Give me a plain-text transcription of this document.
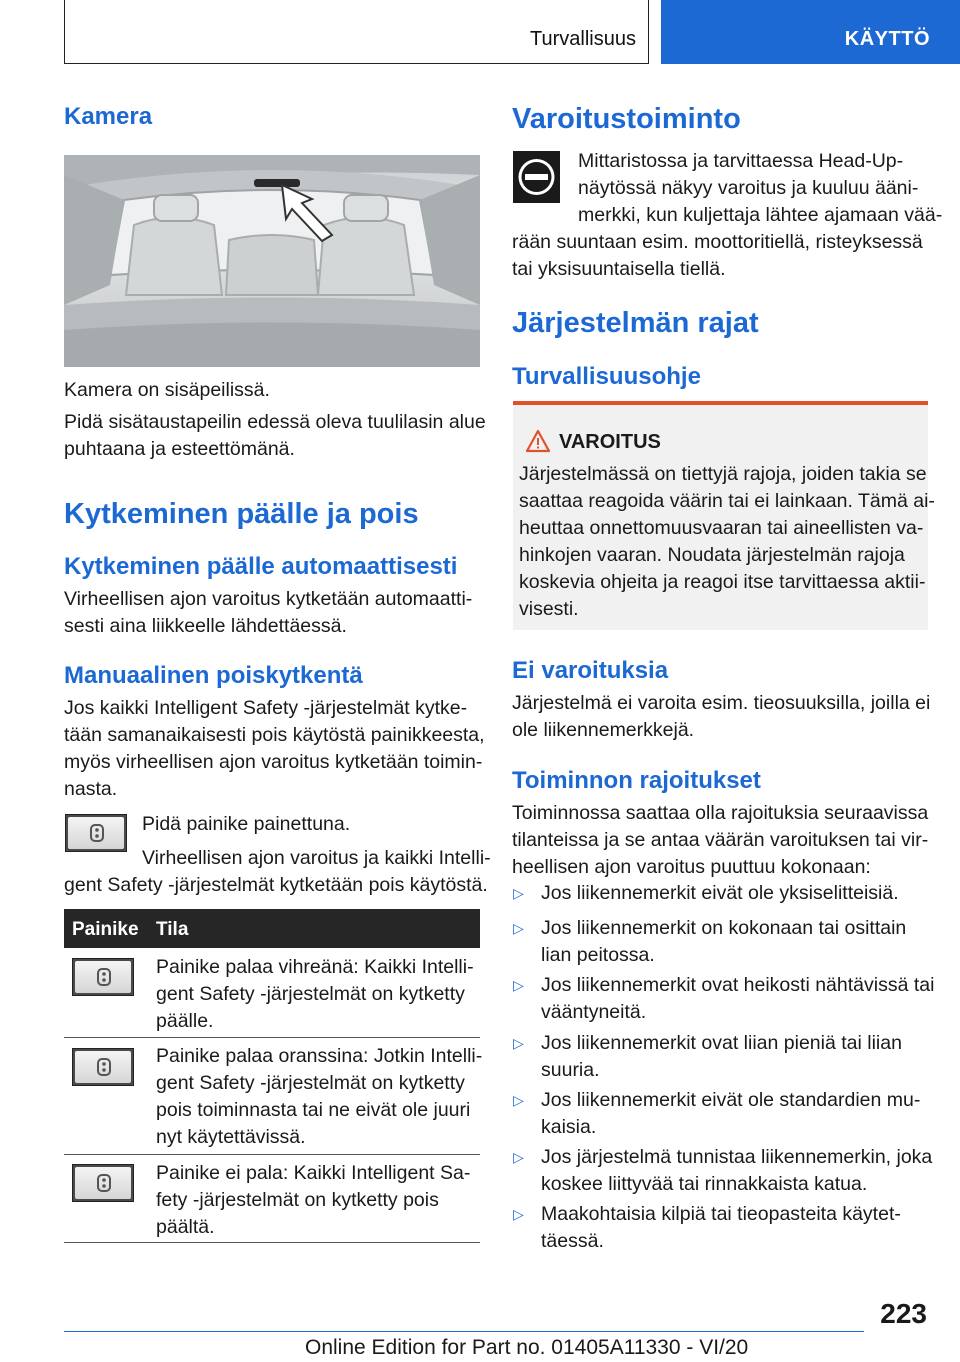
Turvallisuus	KÄYTTÖ
Kamera

Kamera on sisäpeilissä.

Pidä sisätaustapeilin edessä oleva tuulilasin alue
puhtaana ja esteettömänä.

Kytkeminen päälle ja pois
Kytkeminen päälle automaattisesti

Virheellisen ajon varoitus kytketään automaatti-
sesti aina liikkeelle lähdettäessä.

Manuaalinen poiskytkentä

Jos kaikki Intelligent Safety -järjestelmät kytke-
tään samanaikaisesti pois käytöstä painikkeesta,
myös virheellisen ajon varoitus kytketään toimin-
nasta.

Pidä painike painettuna.

Virheellisen ajon varoitus ja kaikki Intelli-
gent Safety -järjestelmät kytketään pois käytöstä.

Painike Tila

Painike palaa vihreänä: Kaikki Intelli-
gent Safety -järjestelmät on kytketty
päälle.

Painike palaa oranssina: Jotkin Intelli-
gent Safety -järjestelmät on kytketty
pois toiminnasta tai ne eivät ole juuri
nyt käytettävissä.

Painike ei pala: Kaikki Intelligent Sa-
fety -järjestelmät on kytketty pois
päältä.

Varoitustoiminto

Mittaristossa ja tarvittaessa Head-Up-
näytössä näkyy varoitus ja kuuluu ääni-
merkki, kun kuljettaja lähtee ajamaan vää-

rään suuntaan esim. moottoritiellä, risteyksessä
tai yksisuuntaisella tiellä.

Järjestelmän rajat
Turvallisuusohje
VAROITUS

Järjestelmässä on tiettyjä rajoja, joiden takia se
saattaa reagoida väärin tai ei lainkaan. Tämä ai-
heuttaa onnettomuusvaaran tai aineellisten va-
hinkojen vaaran. Noudata järjestelmän rajoja
koskevia ohjeita ja reagoi itse tarvittaessa aktii-
visesti.

Ei varoituksia

Järjestelmä ei varoita esim. tieosuuksilla, joilla ei
ole liikennemerkkejä.

Toiminnon rajoitukset

Toiminnossa saattaa olla rajoituksia seuraavissa
tilanteissa ja se antaa väärän varoituksen tai vir-
heellisen ajon varoitus puuttuu kokonaan:

▷ Jos liikennemerkit eivät ole yksiselitteisiä.
▷ Jos liikennemerkit on kokonaan tai osittain
lian peitossa.
▷ Jos liikennemerkit ovat heikosti nähtävissä tai
vääntyneitä.
▷ Jos liikennemerkit ovat liian pieniä tai liian
suuria.
▷ Jos liikennemerkit eivät ole standardien mu-
kaisia.
▷ Jos järjestelmä tunnistaa liikennemerkin, joka
koskee liittyvää tai rinnakkaista katua.
▷ Maakohtaisia kilpiä tai tieopasteita käytet-
täessä.
223
Online Edition for Part no. 01405A11330 - VI/20
